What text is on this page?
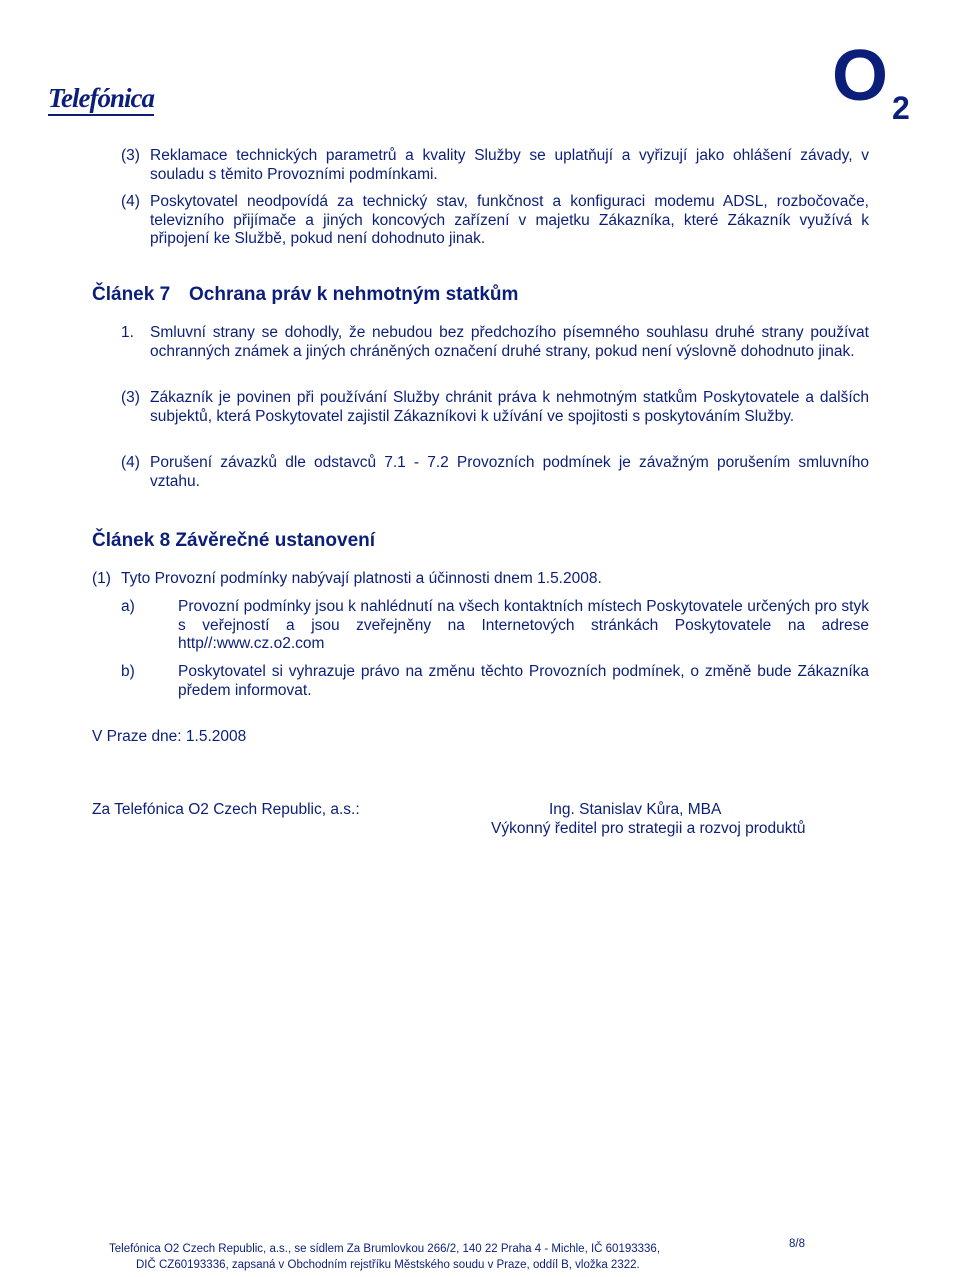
Telefónica	O 2
(3) Reklamace technických parametrů a kvality Služby se uplatňují a vyřizují jako ohlášení závady, v souladu s těmito Provozními podmínkami.
(4) Poskytovatel neodpovídá za technický stav, funkčnost a konfiguraci modemu ADSL, rozbočovače, televizního přijímače a jiných koncových zařízení v majetku Zákazníka, které Zákazník využívá k připojení ke Službě, pokud není dohodnuto jinak.
Článek 7 Ochrana práv k nehmotným statkům
1. Smluvní strany se dohodly, že nebudou bez předchozího písemného souhlasu druhé strany používat ochranných známek a jiných chráněných označení druhé strany, pokud není výslovně dohodnuto jinak.
(3) Zákazník je povinen při používání Služby chránit práva k nehmotným statkům Poskytovatele a dalších subjektů, která Poskytovatel zajistil Zákazníkovi k užívání ve spojitosti s poskytováním Služby.
(4) Porušení závazků dle odstavců 7.1 - 7.2 Provozních podmínek je závažným porušením smluvního vztahu.
Článek 8 Závěrečné ustanovení
(1) Tyto Provozní podmínky nabývají platnosti a účinnosti dnem 1.5.2008.
a)	Provozní podmínky jsou k nahlédnutí na všech kontaktních místech Poskytovatele určených pro styk s veřejností a jsou zveřejněny na Internetových stránkách Poskytovatele na adrese http//:www.cz.o2.com
b)	Poskytovatel si vyhrazuje právo na změnu těchto Provozních podmínek, o změně bude Zákazníka předem informovat.
V Praze dne: 1.5.2008
Za Telefónica O2 Czech Republic, a.s.:	Ing. Stanislav Kůra, MBA
Výkonný ředitel pro strategii a rozvoj produktů
Telefónica O2 Czech Republic, a.s., se sídlem Za Brumlovkou 266/2, 140 22 Praha 4 - Michle, IČ 60193336,
DIČ CZ60193336, zapsaná v Obchodním rejstříku Městského soudu v Praze, oddíl B, vložka 2322.
8/8
